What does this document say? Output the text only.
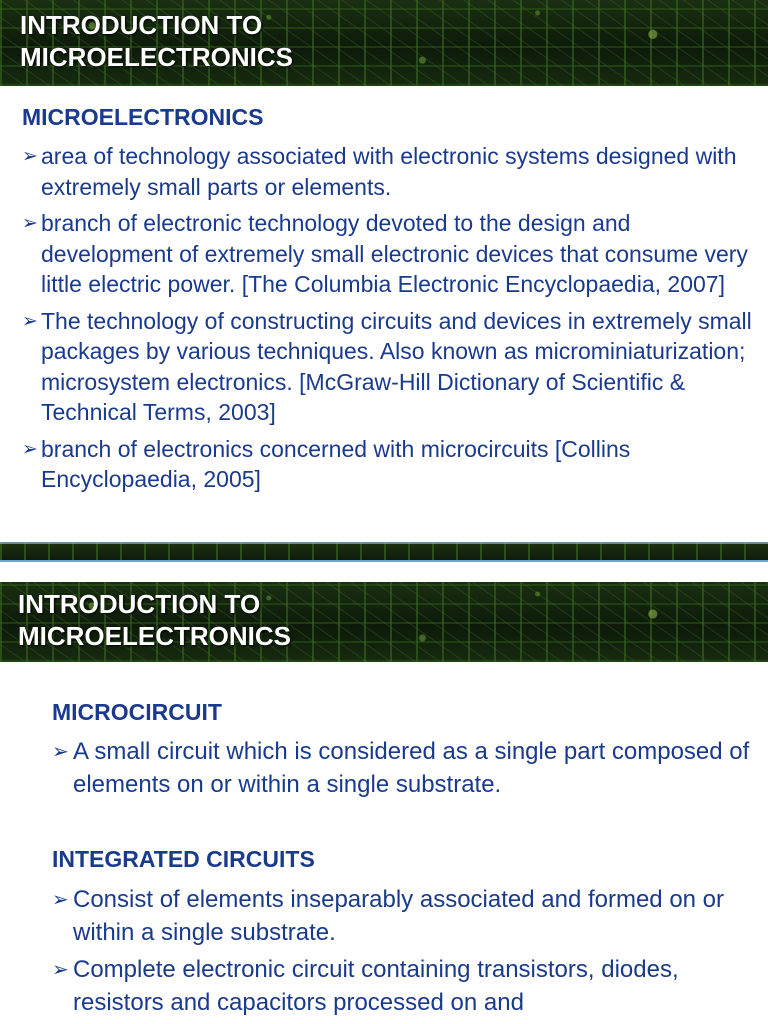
INTRODUCTION TO
MICROELECTRONICS
MICROELECTRONICS
➢ area of technology associated with electronic systems designed with extremely small parts or elements.
➢ branch of electronic technology devoted to the design and development of extremely small electronic devices that consume very little electric power. [The Columbia Electronic Encyclopaedia, 2007]
➢ The technology of constructing circuits and devices in extremely small packages by various techniques. Also known as microminiaturization; microsystem electronics. [McGraw-Hill Dictionary of Scientific & Technical Terms, 2003]
➢ branch of electronics concerned with microcircuits [Collins Encyclopaedia, 2005]
INTRODUCTION TO
MICROELECTRONICS
MICROCIRCUIT
➢ A small circuit which is considered as a single part composed of elements on or within a single substrate.
INTEGRATED CIRCUITS
➢ Consist of elements inseparably associated and formed on or within a single substrate.
➢ Complete electronic circuit containing transistors, diodes, resistors and capacitors processed on and
